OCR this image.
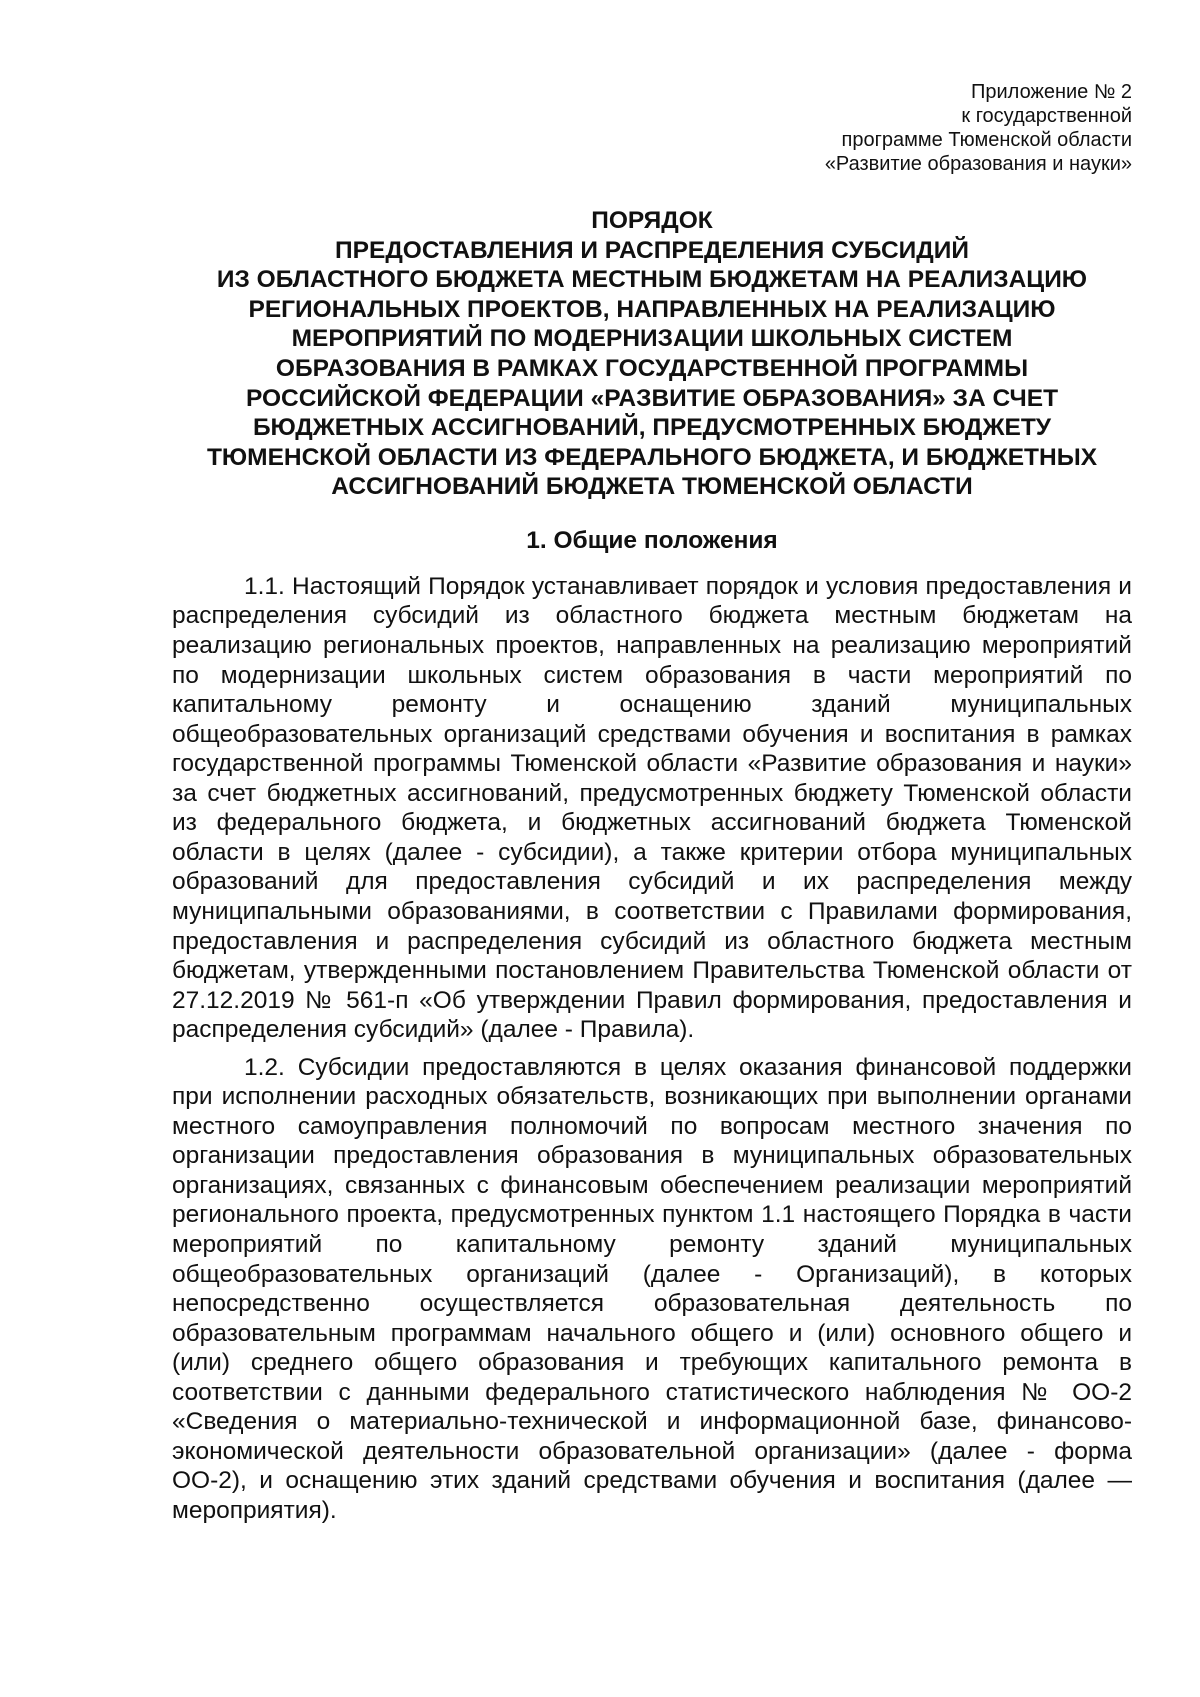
Приложение № 2
к государственной
программе Тюменской области
«Развитие образования и науки»
ПОРЯДОК
ПРЕДОСТАВЛЕНИЯ И РАСПРЕДЕЛЕНИЯ СУБСИДИЙ
ИЗ ОБЛАСТНОГО БЮДЖЕТА МЕСТНЫМ БЮДЖЕТАМ НА РЕАЛИЗАЦИЮ
РЕГИОНАЛЬНЫХ ПРОЕКТОВ, НАПРАВЛЕННЫХ НА РЕАЛИЗАЦИЮ
МЕРОПРИЯТИЙ ПО МОДЕРНИЗАЦИИ ШКОЛЬНЫХ СИСТЕМ
ОБРАЗОВАНИЯ В РАМКАХ ГОСУДАРСТВЕННОЙ ПРОГРАММЫ
РОССИЙСКОЙ ФЕДЕРАЦИИ «РАЗВИТИЕ ОБРАЗОВАНИЯ» ЗА СЧЕТ
БЮДЖЕТНЫХ АССИГНОВАНИЙ, ПРЕДУСМОТРЕННЫХ БЮДЖЕТУ
ТЮМЕНСКОЙ ОБЛАСТИ ИЗ ФЕДЕРАЛЬНОГО БЮДЖЕТА, И БЮДЖЕТНЫХ
АССИГНОВАНИЙ БЮДЖЕТА ТЮМЕНСКОЙ ОБЛАСТИ
1. Общие положения

1.1. Настоящий Порядок устанавливает порядок и условия предоставления и распределения субсидий из областного бюджета местным бюджетам на реализацию региональных проектов, направленных на реализацию мероприятий по модернизации школьных систем образования в части мероприятий по капитальному ремонту и оснащению зданий муниципальных общеобразовательных организаций средствами обучения и воспитания в рамках государственной программы Тюменской области «Развитие образования и науки» за счет бюджетных ассигнований, предусмотренных бюджету Тюменской области из федерального бюджета, и бюджетных ассигнований бюджета Тюменской области в целях (далее - субсидии), а также критерии отбора муниципальных образований для предоставления субсидий и их распределения между муниципальными образованиями, в соответствии с Правилами формирования, предоставления и распределения субсидий из областного бюджета местным бюджетам, утвержденными постановлением Правительства Тюменской области от 27.12.2019 № 561-п «Об утверждении Правил формирования, предоставления и распределения субсидий» (далее - Правила).

1.2. Субсидии предоставляются в целях оказания финансовой поддержки при исполнении расходных обязательств, возникающих при выполнении органами местного самоуправления полномочий по вопросам местного значения по организации предоставления образования в муниципальных образовательных организациях, связанных с финансовым обеспечением реализации мероприятий регионального проекта, предусмотренных пунктом 1.1 настоящего Порядка в части мероприятий по капитальному ремонту зданий муниципальных общеобразовательных организаций (далее - Организаций), в которых непосредственно осуществляется образовательная деятельность по образовательным программам начального общего и (или) основного общего и (или) среднего общего образования и требующих капитального ремонта в соответствии с данными федерального статистического наблюдения № ОО-2 «Сведения о материально-технической и информационной базе, финансово-экономической деятельности образовательной организации» (далее - форма ОО-2), и оснащению этих зданий средствами обучения и воспитания (далее — мероприятия).
